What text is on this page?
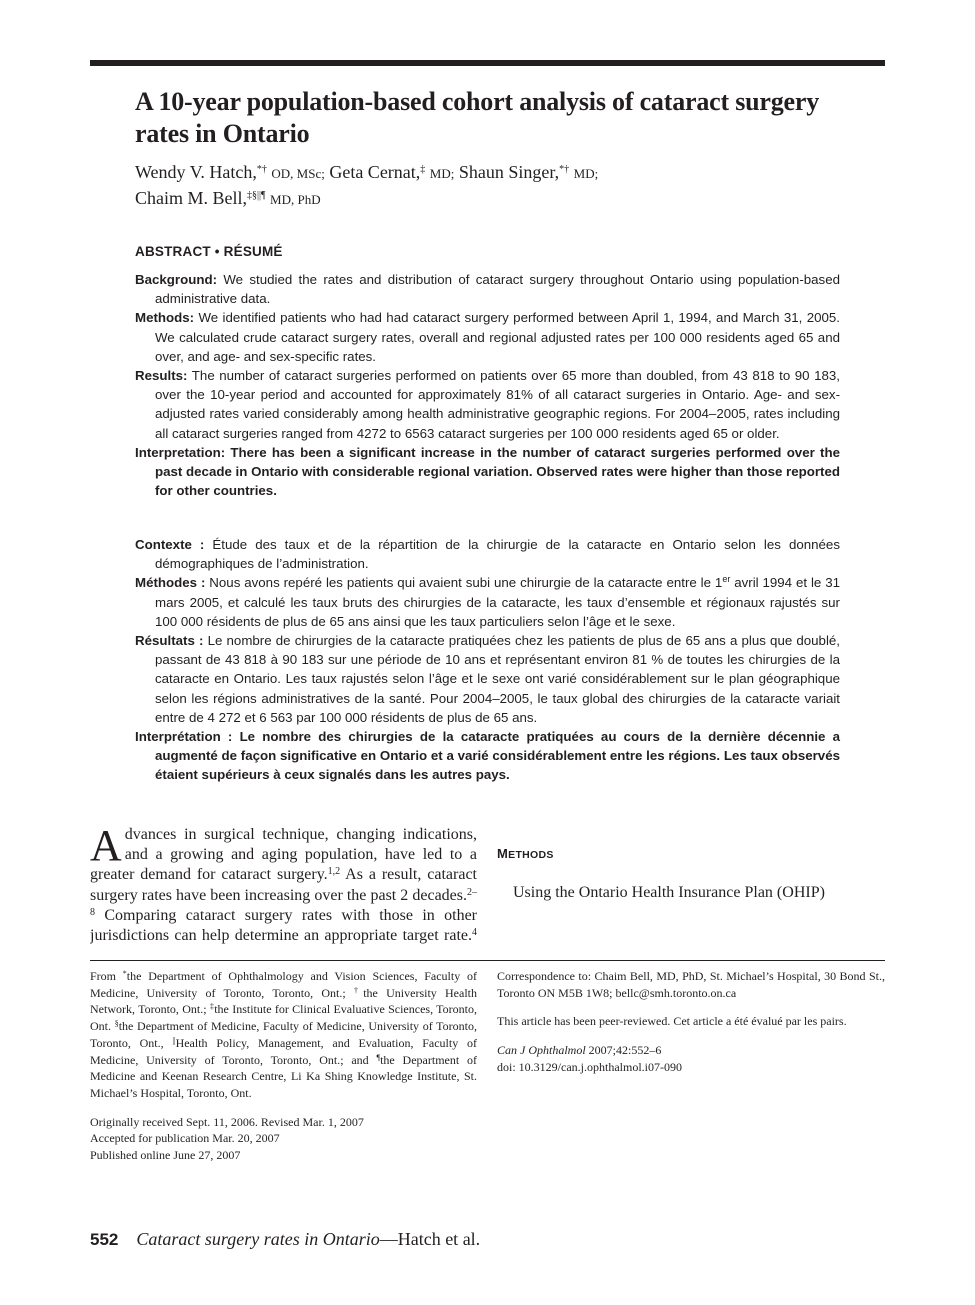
A 10-year population-based cohort analysis of cataract surgery rates in Ontario
Wendy V. Hatch,*† OD, MSc; Geta Cernat,‡ MD; Shaun Singer,*† MD;
Chaim M. Bell,‡§||¶ MD, PhD
ABSTRACT • RÉSUMÉ

Background: We studied the rates and distribution of cataract surgery throughout Ontario using population-based administrative data.

Methods: We identified patients who had had cataract surgery performed between April 1, 1994, and March 31, 2005. We calculated crude cataract surgery rates, overall and regional adjusted rates per 100 000 residents aged 65 and over, and age- and sex-specific rates.

Results: The number of cataract surgeries performed on patients over 65 more than doubled, from 43 818 to 90 183, over the 10-year period and accounted for approximately 81% of all cataract surgeries in Ontario. Age- and sex-adjusted rates varied considerably among health administrative geographic regions. For 2004–2005, rates including all cataract surgeries ranged from 4272 to 6563 cataract surgeries per 100 000 residents aged 65 or older.

Interpretation: There has been a significant increase in the number of cataract surgeries performed over the past decade in Ontario with considerable regional variation. Observed rates were higher than those reported for other countries.

Contexte : Étude des taux et de la répartition de la chirurgie de la cataracte en Ontario selon les données démographiques de l’administration.

Méthodes : Nous avons repéré les patients qui avaient subi une chirurgie de la cataracte entre le 1er avril 1994 et le 31 mars 2005, et calculé les taux bruts des chirurgies de la cataracte, les taux d’ensemble et régionaux rajustés sur 100 000 résidents de plus de 65 ans ainsi que les taux particuliers selon l’âge et le sexe.

Résultats : Le nombre de chirurgies de la cataracte pratiquées chez les patients de plus de 65 ans a plus que doublé, passant de 43 818 à 90 183 sur une période de 10 ans et représentant environ 81 % de toutes les chirurgies de la cataracte en Ontario. Les taux rajustés selon l’âge et le sexe ont varié considérablement sur le plan géographique selon les régions administratives de la santé. Pour 2004–2005, le taux global des chirurgies de la cataracte variait entre de 4 272 et 6 563 par 100 000 résidents de plus de 65 ans.

Interprétation : Le nombre des chirurgies de la cataracte pratiquées au cours de la dernière décennie a augmenté de façon significative en Ontario et a varié considérablement entre les régions. Les taux observés étaient supérieurs à ceux signalés dans les autres pays.

Advances in surgical technique, changing indications, and a growing and aging population, have led to a greater demand for cataract surgery.$^{1,2}$ As a result, cataract surgery rates have been increasing over the past 2 decades.$^{2-8}$ Comparing cataract surgery rates with those in other jurisdictions can help determine an appropriate target rate.$^4$
METHODS
Using the Ontario Health Insurance Plan (OHIP)

From *the Department of Ophthalmology and Vision Sciences, Faculty of Medicine, University of Toronto, Toronto, Ont.; †the University Health Network, Toronto, Ont.; ‡the Institute for Clinical Evaluative Sciences, Toronto, Ont. §the Department of Medicine, Faculty of Medicine, University of Toronto, Toronto, Ont., ||Health Policy, Management, and Evaluation, Faculty of Medicine, University of Toronto, Toronto, Ont.; and ¶the Department of Medicine and Keenan Research Centre, Li Ka Shing Knowledge Institute, St. Michael’s Hospital, Toronto, Ont.

Originally received Sept. 11, 2006. Revised Mar. 1, 2007

Accepted for publication Mar. 20, 2007

Published online June 27, 2007

Correspondence to: Chaim Bell, MD, PhD, St. Michael’s Hospital, 30 Bond St., Toronto ON M5B 1W8; bellc@smh.toronto.on.ca

This article has been peer-reviewed. Cet article a été évalué par les pairs.

Can J Ophthalmol 2007;42:552–6

doi: 10.3129/can.j.ophthalmol.i07-090

552 Cataract surgery rates in Ontario—Hatch et al.
